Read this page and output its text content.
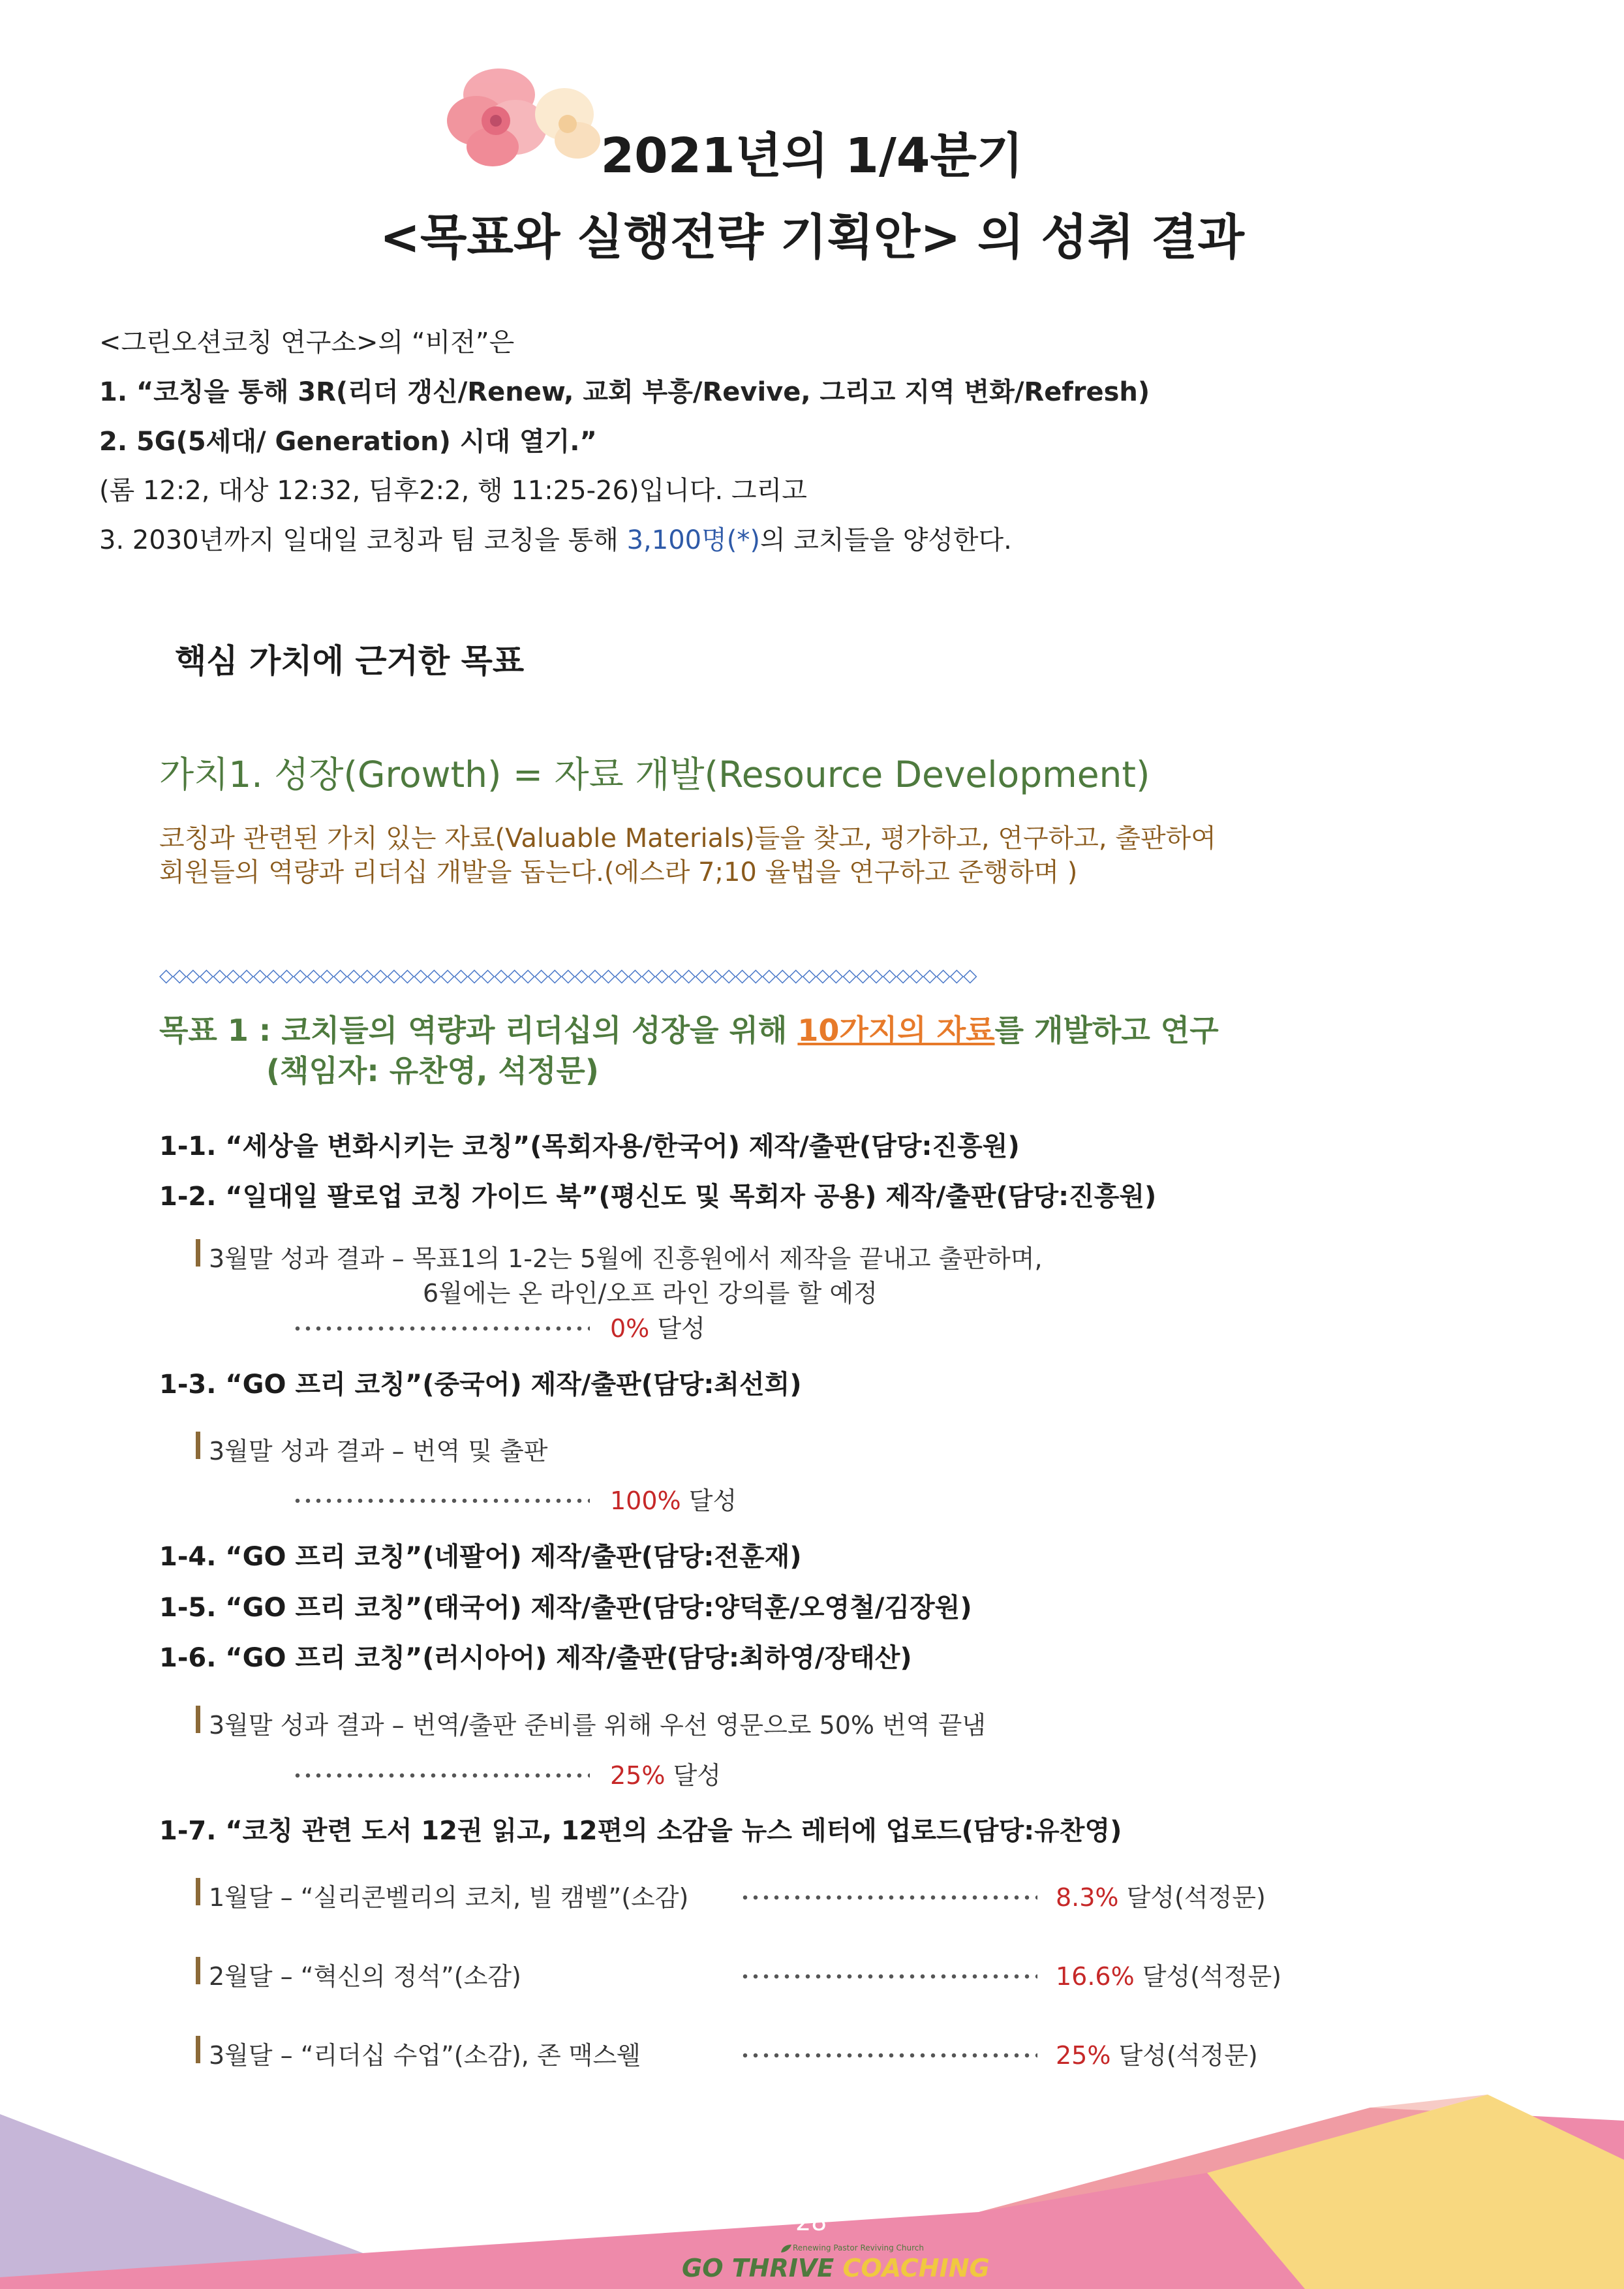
2021년의 1/4분기
<목표와 실행전략 기획안> 의 성취 결과
<그린오션코칭 연구소>의 “비전”은
1. “코칭을 통해 3R(리더 갱신/Renew, 교회 부흥/Revive, 그리고 지역 변화/Refresh)
2. 5G(5세대/ Generation) 시대 열기.”
(롬 12:2, 대상 12:32, 딤후2:2, 행 11:25-26)입니다. 그리고
3. 2030년까지 일대일 코칭과 팀 코칭을 통해 3,100명(*)의 코치들을 양성한다.
핵심 가치에 근거한 목표
가치1. 성장(Growth) = 자료 개발(Resource Development)
코칭과 관련된 가치 있는 자료(Valuable Materials)들을 찾고, 평가하고, 연구하고, 출판하여
회원들의 역량과 리더십 개발을 돕는다.(에스라 7;10 율법을 연구하고 준행하며 )
◇◇◇◇◇◇◇◇◇◇◇◇◇◇◇◇◇◇◇◇◇◇◇◇◇◇◇◇◇◇◇◇◇◇◇◇◇◇◇◇◇◇◇◇◇◇◇◇◇◇◇◇◇◇◇◇◇◇◇◇◇
목표 1 : 코치들의 역량과 리더십의 성장을 위해 10가지의 자료를 개발하고 연구
(책임자: 유찬영, 석정문)
1-1. “세상을 변화시키는 코칭”(목회자용/한국어) 제작/출판(담당:진흥원)
1-2. “일대일 팔로업 코칭 가이드 북”(평신도 및 목회자 공용) 제작/출판(담당:진흥원)
3월말 성과 결과 – 목표1의 1-2는 5월에 진흥원에서 제작을 끝내고 출판하며,
6월에는 온 라인/오프 라인 강의를 할 예정
0% 달성
1-3. “GO 프리 코칭”(중국어) 제작/출판(담당:최선희)
3월말 성과 결과 – 번역 및 출판
100% 달성
1-4. “GO 프리 코칭”(네팔어) 제작/출판(담당:전훈재)
1-5. “GO 프리 코칭”(태국어) 제작/출판(담당:양덕훈/오영철/김장원)
1-6. “GO 프리 코칭”(러시아어) 제작/출판(담당:최하영/장태산)
3월말 성과 결과 – 번역/출판 준비를 위해 우선 영문으로 50% 번역 끝냄
25% 달성
1-7. “코칭 관련 도서 12권 읽고, 12편의 소감을 뉴스 레터에 업로드(담당:유찬영)
1월달 – “실리콘벨리의 코치, 빌 캠벨”(소감)	8.3% 달성(석정문)
2월달 – “혁신의 정석”(소감)	16.6% 달성(석정문)
3월달 – “리더십 수업”(소감), 존 맥스웰	25% 달성(석정문)
28
Renewing Pastor Reviving Church
GO THRIVE COACHING
